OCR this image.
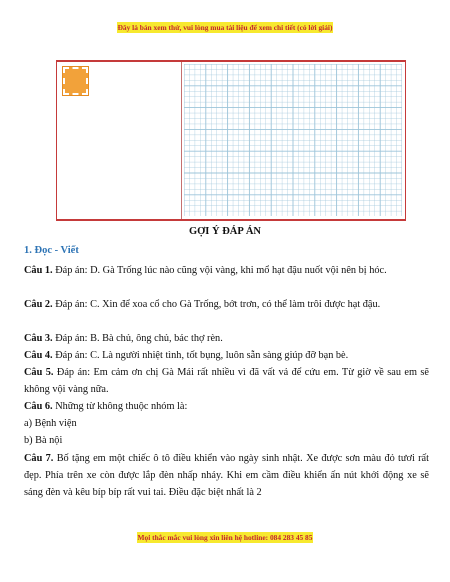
Đây là bản xem thử, vui lòng mua tài liệu để xem chi tiết (có lời giải)
GỢI Ý ĐÁP ÁN
1. Đọc - Viết
Câu 1. Đáp án: D. Gà Trống lúc nào cũng vội vàng, khi mổ hạt đậu nuốt vội nên bị hóc.
Câu 2. Đáp án: C. Xin để xoa cổ cho Gà Trống, bớt trơn, có thể làm trôi được hạt đậu.
Câu 3. Đáp án: B. Bà chủ, ông chủ, bác thợ rèn.
Câu 4. Đáp án: C. Là người nhiệt tình, tốt bụng, luôn sẵn sàng giúp đỡ bạn bè.
Câu 5. Đáp án: Em cảm ơn chị Gà Mái rất nhiều vì đã vất vả để cứu em. Từ giờ về sau em sẽ không vội vàng nữa.
Câu 6. Những từ không thuộc nhóm là:
a) Bệnh viện
b) Bà nội
Câu 7. Bố tặng em một chiếc ô tô điều khiển vào ngày sinh nhật. Xe được sơn màu đỏ tươi rất đẹp. Phía trên xe còn được lắp đèn nhấp nháy. Khi em cầm điều khiển ấn nút khởi động xe sẽ sáng đèn và kêu bíp bíp rất vui tai. Điều đặc biệt nhất là 2
Mọi thắc mắc vui lòng xin liên hệ hotline: 084 283 45 85
